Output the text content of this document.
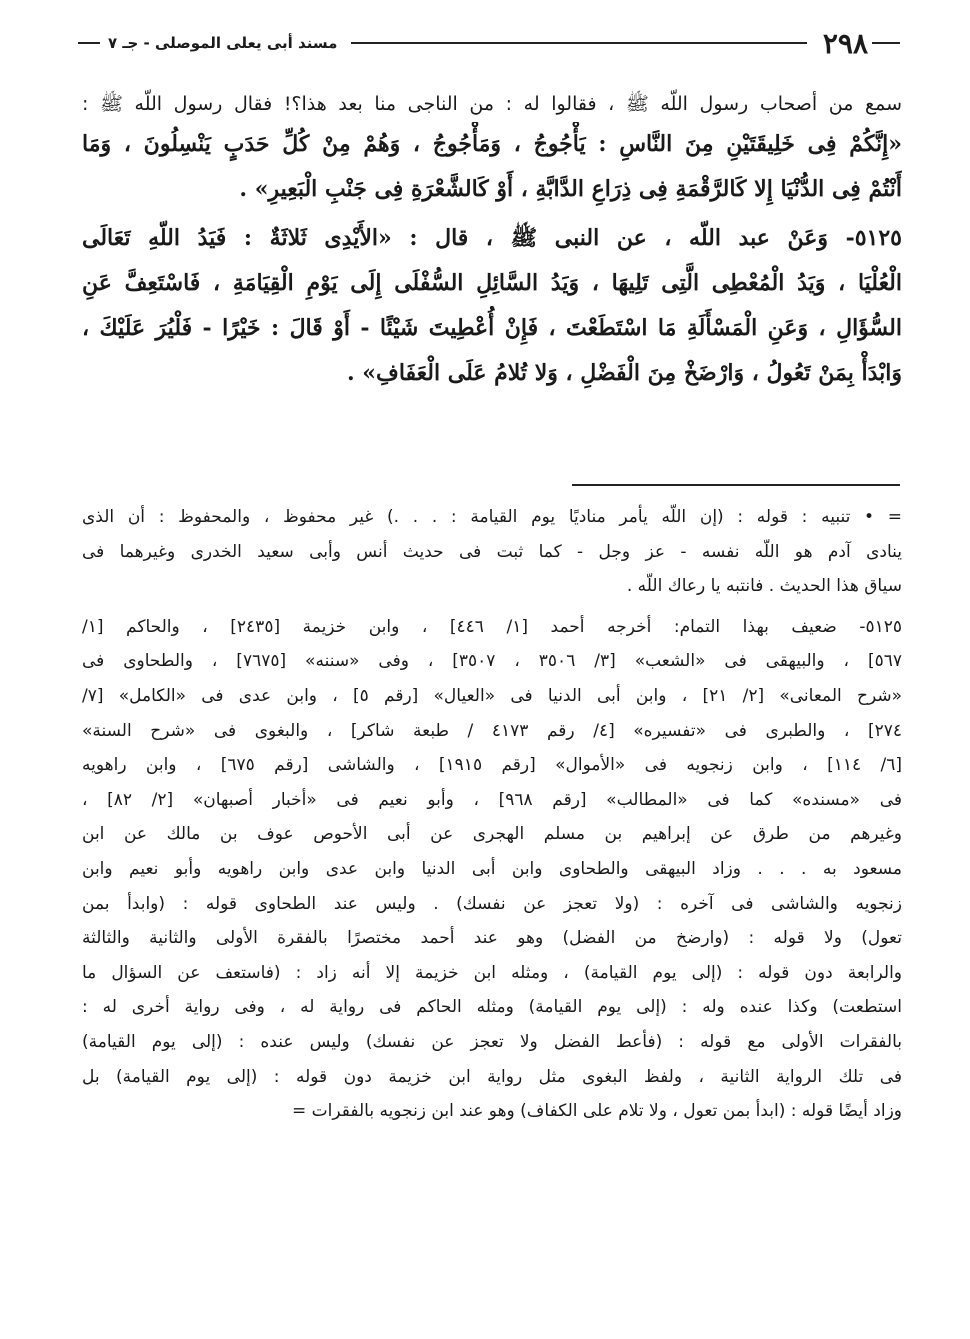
٢٩٨
مسند أبى يعلى الموصلى - جـ ٧
سمع من أصحاب رسول اللّه ﷺ ، فقالوا له : من الناجى منا بعد هذا؟! فقال رسول اللّه ﷺ :
«إِنَّكُمْ فِى خَلِيقَتَيْنِ مِنَ النَّاسِ : يَأْجُوجُ ، وَمَأْجُوجُ ، وَهُمْ مِنْ كُلِّ حَدَبٍ يَنْسِلُونَ ، وَمَا
أَنْتُمْ فِى الدُّنْيَا إِلا كَالرَّقْمَةِ فِى ذِرَاعِ الدَّابَّةِ ، أَوْ كَالشَّعْرَةِ فِى جَنْبِ الْبَعِيرِ» .
٥١٢٥- وَعَنْ عبد اللّه ، عن النبى ﷺ ، قال : «الأَيْدِى ثَلاثَةٌ : فَيَدُ اللّهِ تَعَالَى
الْعُلْيَا ، وَيَدُ الْمُعْطِى الَّتِى تَلِيهَا ، وَيَدُ السَّائِلِ السُّفْلَى إِلَى يَوْمِ الْقِيَامَةِ ، فَاسْتَعِفَّ عَنِ
السُّؤَالِ ، وَعَنِ الْمَسْأَلَةِ مَا اسْتَطَعْتَ ، فَإِنْ أُعْطِيتَ شَيْئًا - أَوْ قَالَ : خَيْرًا - فَلْيُرَ عَلَيْكَ ،
وَابْدَأْ بِمَنْ تَعُولُ ، وَارْضَخْ مِنَ الْفَضْلِ ، وَلا تُلامُ عَلَى الْعَفَافِ» .
= • تنبيه : قوله : (إن اللّه يأمر مناديًا يوم القيامة : . . .) غير محفوظ ، والمحفوظ : أن الذى
ينادى آدم هو اللّه نفسه - عز وجل - كما ثبت فى حديث أنس وأبى سعيد الخدرى وغيرهما فى
سياق هذا الحديث . فانتبه يا رعاك اللّه .
٥١٢٥- ضعيف بهذا التمام: أخرجه أحمد [١/ ٤٤٦] ، وابن خزيمة [٢٤٣٥] ، والحاكم [١/
٥٦٧] ، والبيهقى فى «الشعب» [٣/ ٣٥٠٦ ، ٣٥٠٧] ، وفى «سننه» [٧٦٧٥] ، والطحاوى فى
«شرح المعانى» [٢/ ٢١] ، وابن أبى الدنيا فى «العيال» [رقم ٥] ، وابن عدى فى «الكامل» [٧/
٢٧٤] ، والطبرى فى «تفسيره» [٤/ رقم ٤١٧٣ / طبعة شاكر] ، والبغوى فى «شرح السنة»
[٦/ ١١٤] ، وابن زنجويه فى «الأموال» [رقم ١٩١٥] ، والشاشى [رقم ٦٧٥] ، وابن راهويه
فى «مسنده» كما فى «المطالب» [رقم ٩٦٨] ، وأبو نعيم فى «أخبار أصبهان» [٢/ ٨٢] ،
وغيرهم من طرق عن إبراهيم بن مسلم الهجرى عن أبى الأحوص عوف بن مالك عن ابن
مسعود به . . . وزاد البيهقى والطحاوى وابن أبى الدنيا وابن عدى وابن راهويه وأبو نعيم وابن
زنجويه والشاشى فى آخره : (ولا تعجز عن نفسك) . وليس عند الطحاوى قوله : (وابدأ بمن
تعول) ولا قوله : (وارضخ من الفضل) وهو عند أحمد مختصرًا بالفقرة الأولى والثانية والثالثة
والرابعة دون قوله : (إلى يوم القيامة) ، ومثله ابن خزيمة إلا أنه زاد : (فاستعف عن السؤال ما
استطعت) وكذا عنده وله : (إلى يوم القيامة) ومثله الحاكم فى رواية له ، وفى رواية أخرى له :
بالفقرات الأولى مع قوله : (فأعط الفضل ولا تعجز عن نفسك) وليس عنده : (إلى يوم القيامة)
فى تلك الرواية الثانية ، ولفظ البغوى مثل رواية ابن خزيمة دون قوله : (إلى يوم القيامة) بل
وزاد أيضًا قوله : (ابدأ بمن تعول ، ولا تلام على الكفاف) وهو عند ابن زنجويه بالفقرات =
